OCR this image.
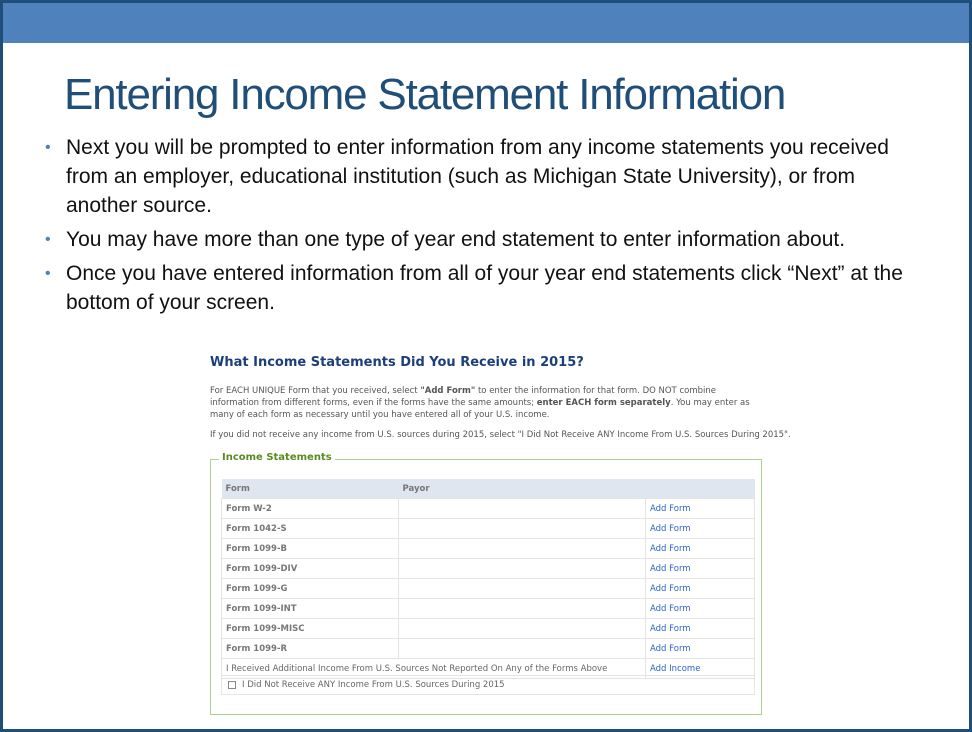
Entering Income Statement Information
• Next you will be prompted to enter information from any income statements you received from an employer, educational institution (such as Michigan State University), or from another source.
• You may have more than one type of year end statement to enter information about.
• Once you have entered information from all of your year end statements click “Next” at the bottom of your screen.
What Income Statements Did You Receive in 2015?
For EACH UNIQUE Form that you received, select "Add Form" to enter the information for that form. DO NOT combine information from different forms, even if the forms have the same amounts; enter EACH form separately. You may enter as many of each form as necessary until you have entered all of your U.S. income.
If you did not receive any income from U.S. sources during 2015, select "I Did Not Receive ANY Income From U.S. Sources During 2015".
Income Statements
Form	Payor	
Form W-2		Add Form
Form 1042-S		Add Form
Form 1099-B		Add Form
Form 1099-DIV		Add Form
Form 1099-G		Add Form
Form 1099-INT		Add Form
Form 1099-MISC		Add Form
Form 1099-R		Add Form
I Received Additional Income From U.S. Sources Not Reported On Any of the Forms Above		Add Income
I Did Not Receive ANY Income From U.S. Sources During 2015
